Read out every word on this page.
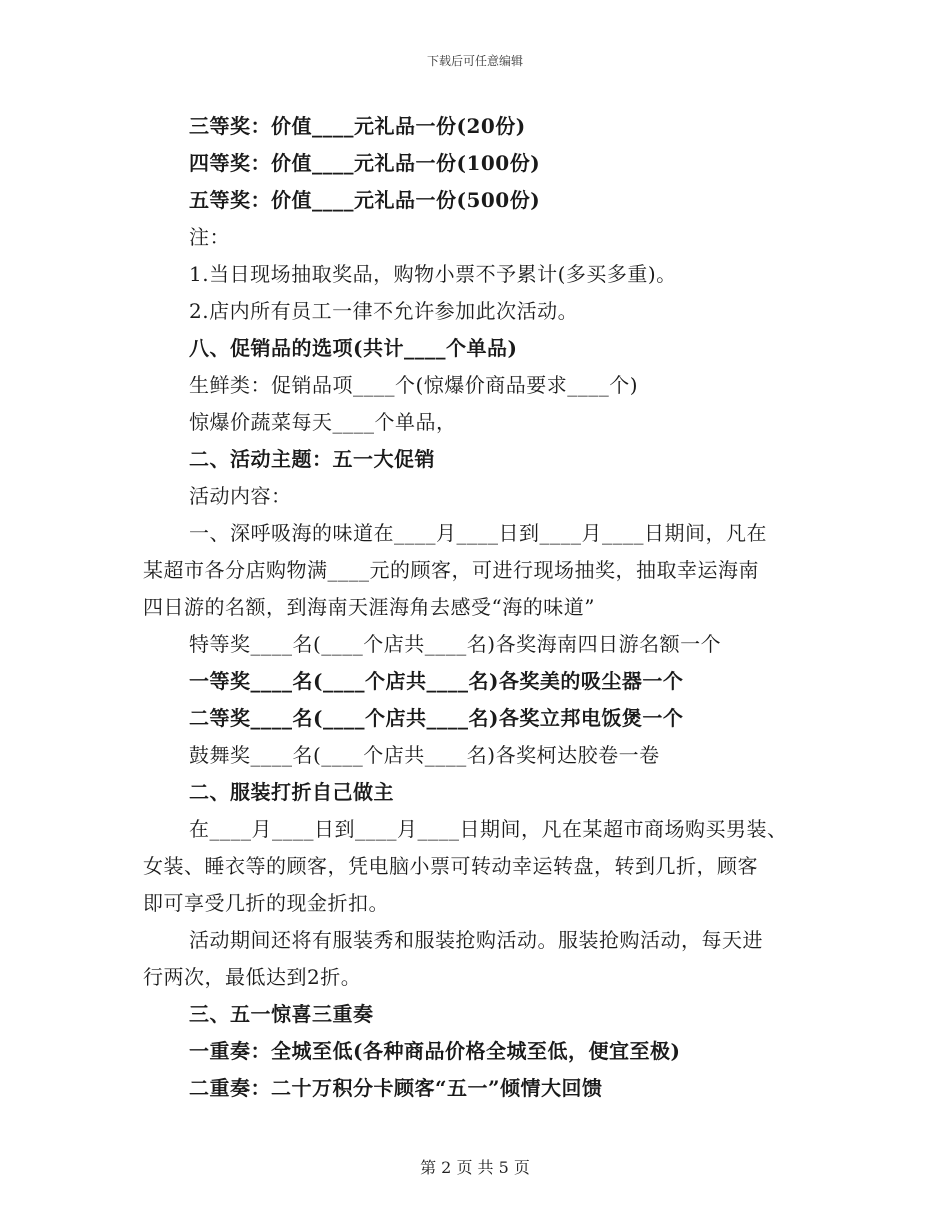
下载后可任意编辑
三等奖：价值____元礼品一份(20份)
四等奖：价值____元礼品一份(100份)
五等奖：价值____元礼品一份(500份)
注：
1.当日现场抽取奖品，购物小票不予累计(多买多重)。
2.店内所有员工一律不允许参加此次活动。
八、促销品的选项(共计____个单品)
生鲜类：促销品项____个(惊爆价商品要求____个)
惊爆价蔬菜每天____个单品，
二、活动主题：五一大促销
活动内容：
一、深呼吸海的味道在____月____日到____月____日期间，凡在
某超市各分店购物满____元的顾客，可进行现场抽奖，抽取幸运海南
四日游的名额，到海南天涯海角去感受“海的味道”
特等奖____名(____个店共____名)各奖海南四日游名额一个
一等奖____名(____个店共____名)各奖美的吸尘器一个
二等奖____名(____个店共____名)各奖立邦电饭煲一个
鼓舞奖____名(____个店共____名)各奖柯达胶卷一卷
二、服装打折自己做主
在____月____日到____月____日期间，凡在某超市商场购买男装、
女装、睡衣等的顾客，凭电脑小票可转动幸运转盘，转到几折，顾客
即可享受几折的现金折扣。
活动期间还将有服装秀和服装抢购活动。服装抢购活动，每天进
行两次，最低达到2折。
三、五一惊喜三重奏
一重奏：全城至低(各种商品价格全城至低，便宜至极)
二重奏：二十万积分卡顾客“五一”倾情大回馈
第 2 页 共 5 页
